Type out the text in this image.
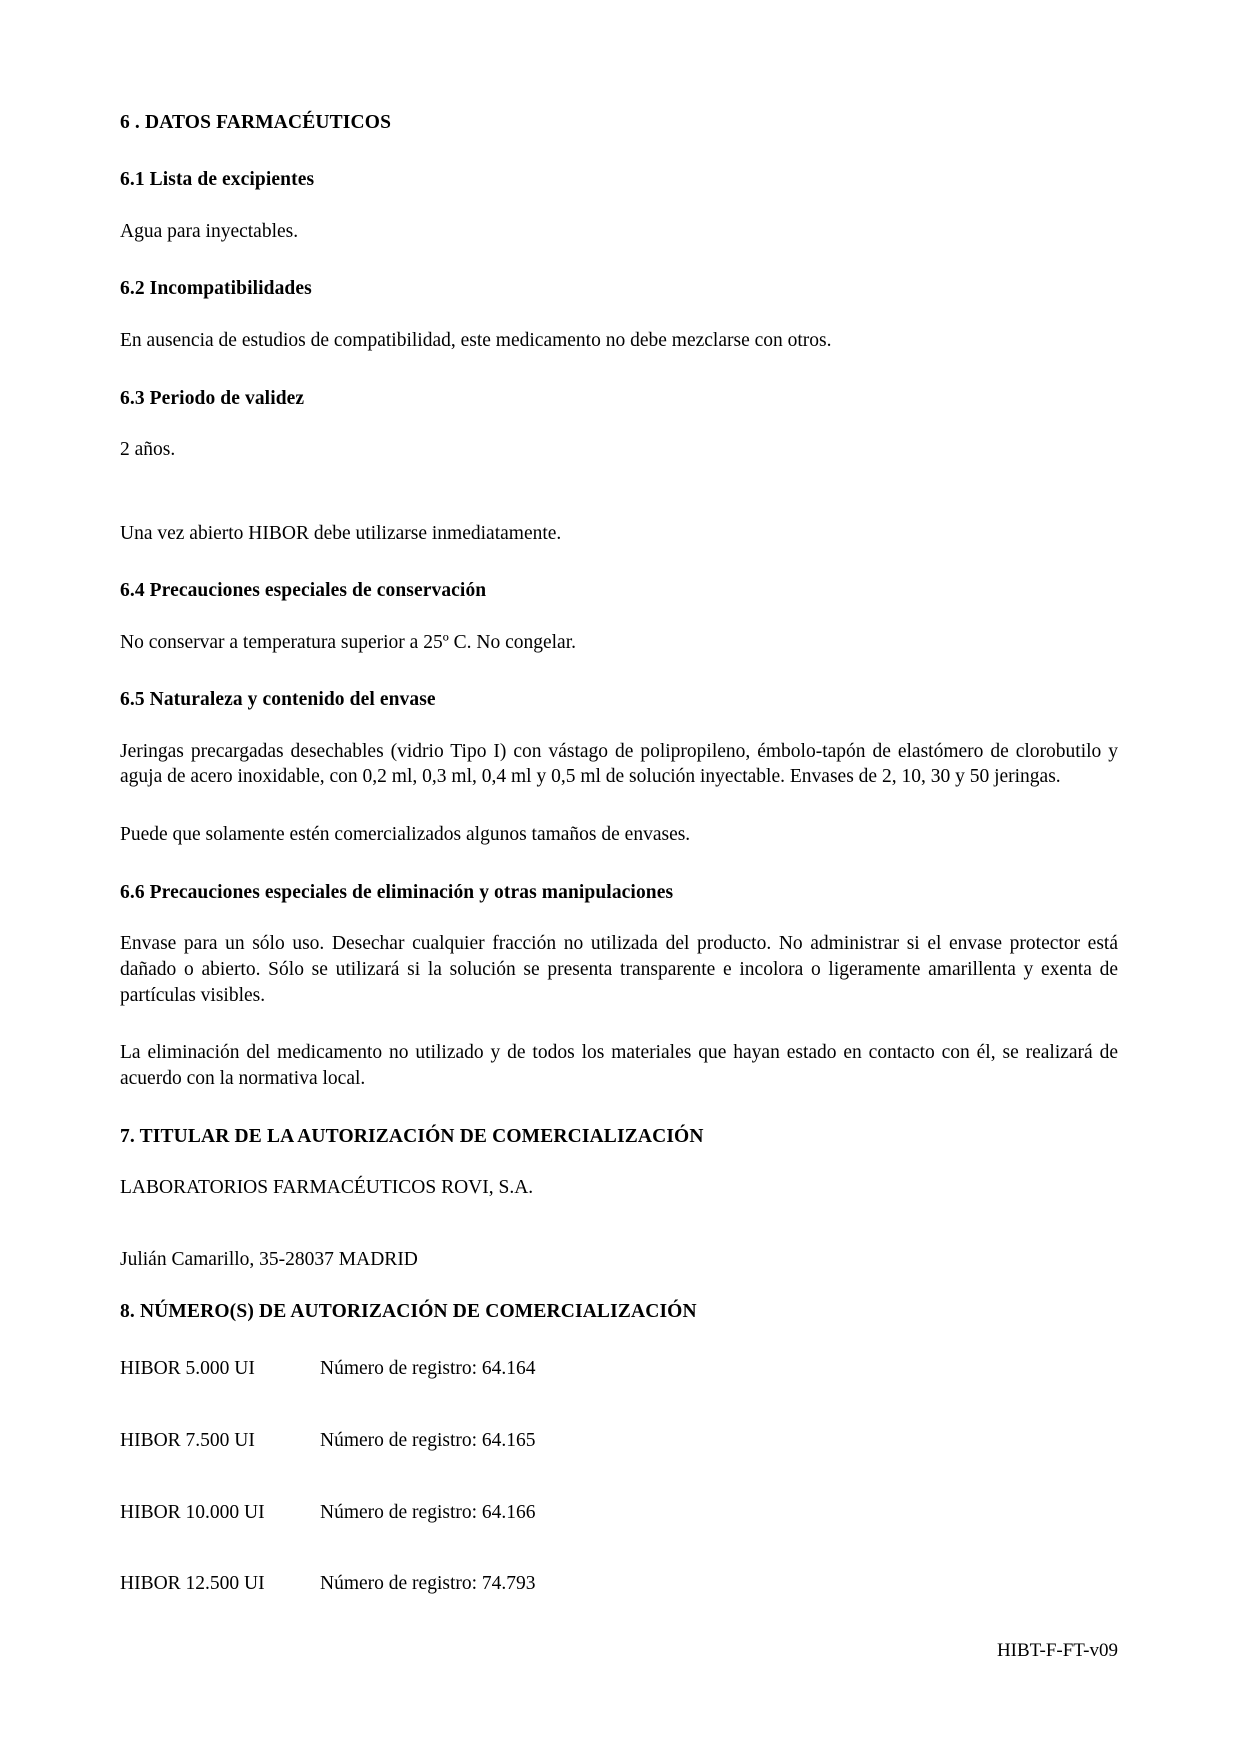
6 . DATOS FARMACÉUTICOS
6.1 Lista de excipientes

Agua para inyectables.

6.2 Incompatibilidades

En ausencia de estudios de compatibilidad, este medicamento no debe mezclarse con otros.

6.3 Periodo de validez

2 años.

Una vez abierto HIBOR debe utilizarse inmediatamente.

6.4 Precauciones especiales de conservación

No conservar a temperatura superior a 25º C. No congelar.

6.5 Naturaleza y contenido del envase

Jeringas precargadas desechables (vidrio Tipo I) con vástago de polipropileno, émbolo-tapón de elastómero de clorobutilo y aguja de acero inoxidable, con 0,2 ml, 0,3 ml, 0,4 ml y 0,5 ml de solución inyectable. Envases de 2, 10, 30 y 50 jeringas.

Puede que solamente estén comercializados algunos tamaños de envases.

6.6 Precauciones especiales de eliminación y otras manipulaciones

Envase para un sólo uso. Desechar cualquier fracción no utilizada del producto. No administrar si el envase protector está dañado o abierto. Sólo se utilizará si la solución se presenta transparente e incolora o ligeramente amarillenta y exenta de partículas visibles.

La eliminación del medicamento no utilizado y de todos los materiales que hayan estado en contacto con él, se realizará de acuerdo con la normativa local.

7. TITULAR DE LA AUTORIZACIÓN DE COMERCIALIZACIÓN

LABORATORIOS FARMACÉUTICOS ROVI, S.A.

Julián Camarillo, 35-28037 MADRID

8. NÚMERO(S) DE AUTORIZACIÓN DE COMERCIALIZACIÓN
HIBOR 5.000 UI	Número de registro: 64.164
HIBOR 7.500 UI	Número de registro: 64.165
HIBOR 10.000 UI	Número de registro: 64.166
HIBOR 12.500 UI	Número de registro: 74.793
HIBT-F-FT-v09
